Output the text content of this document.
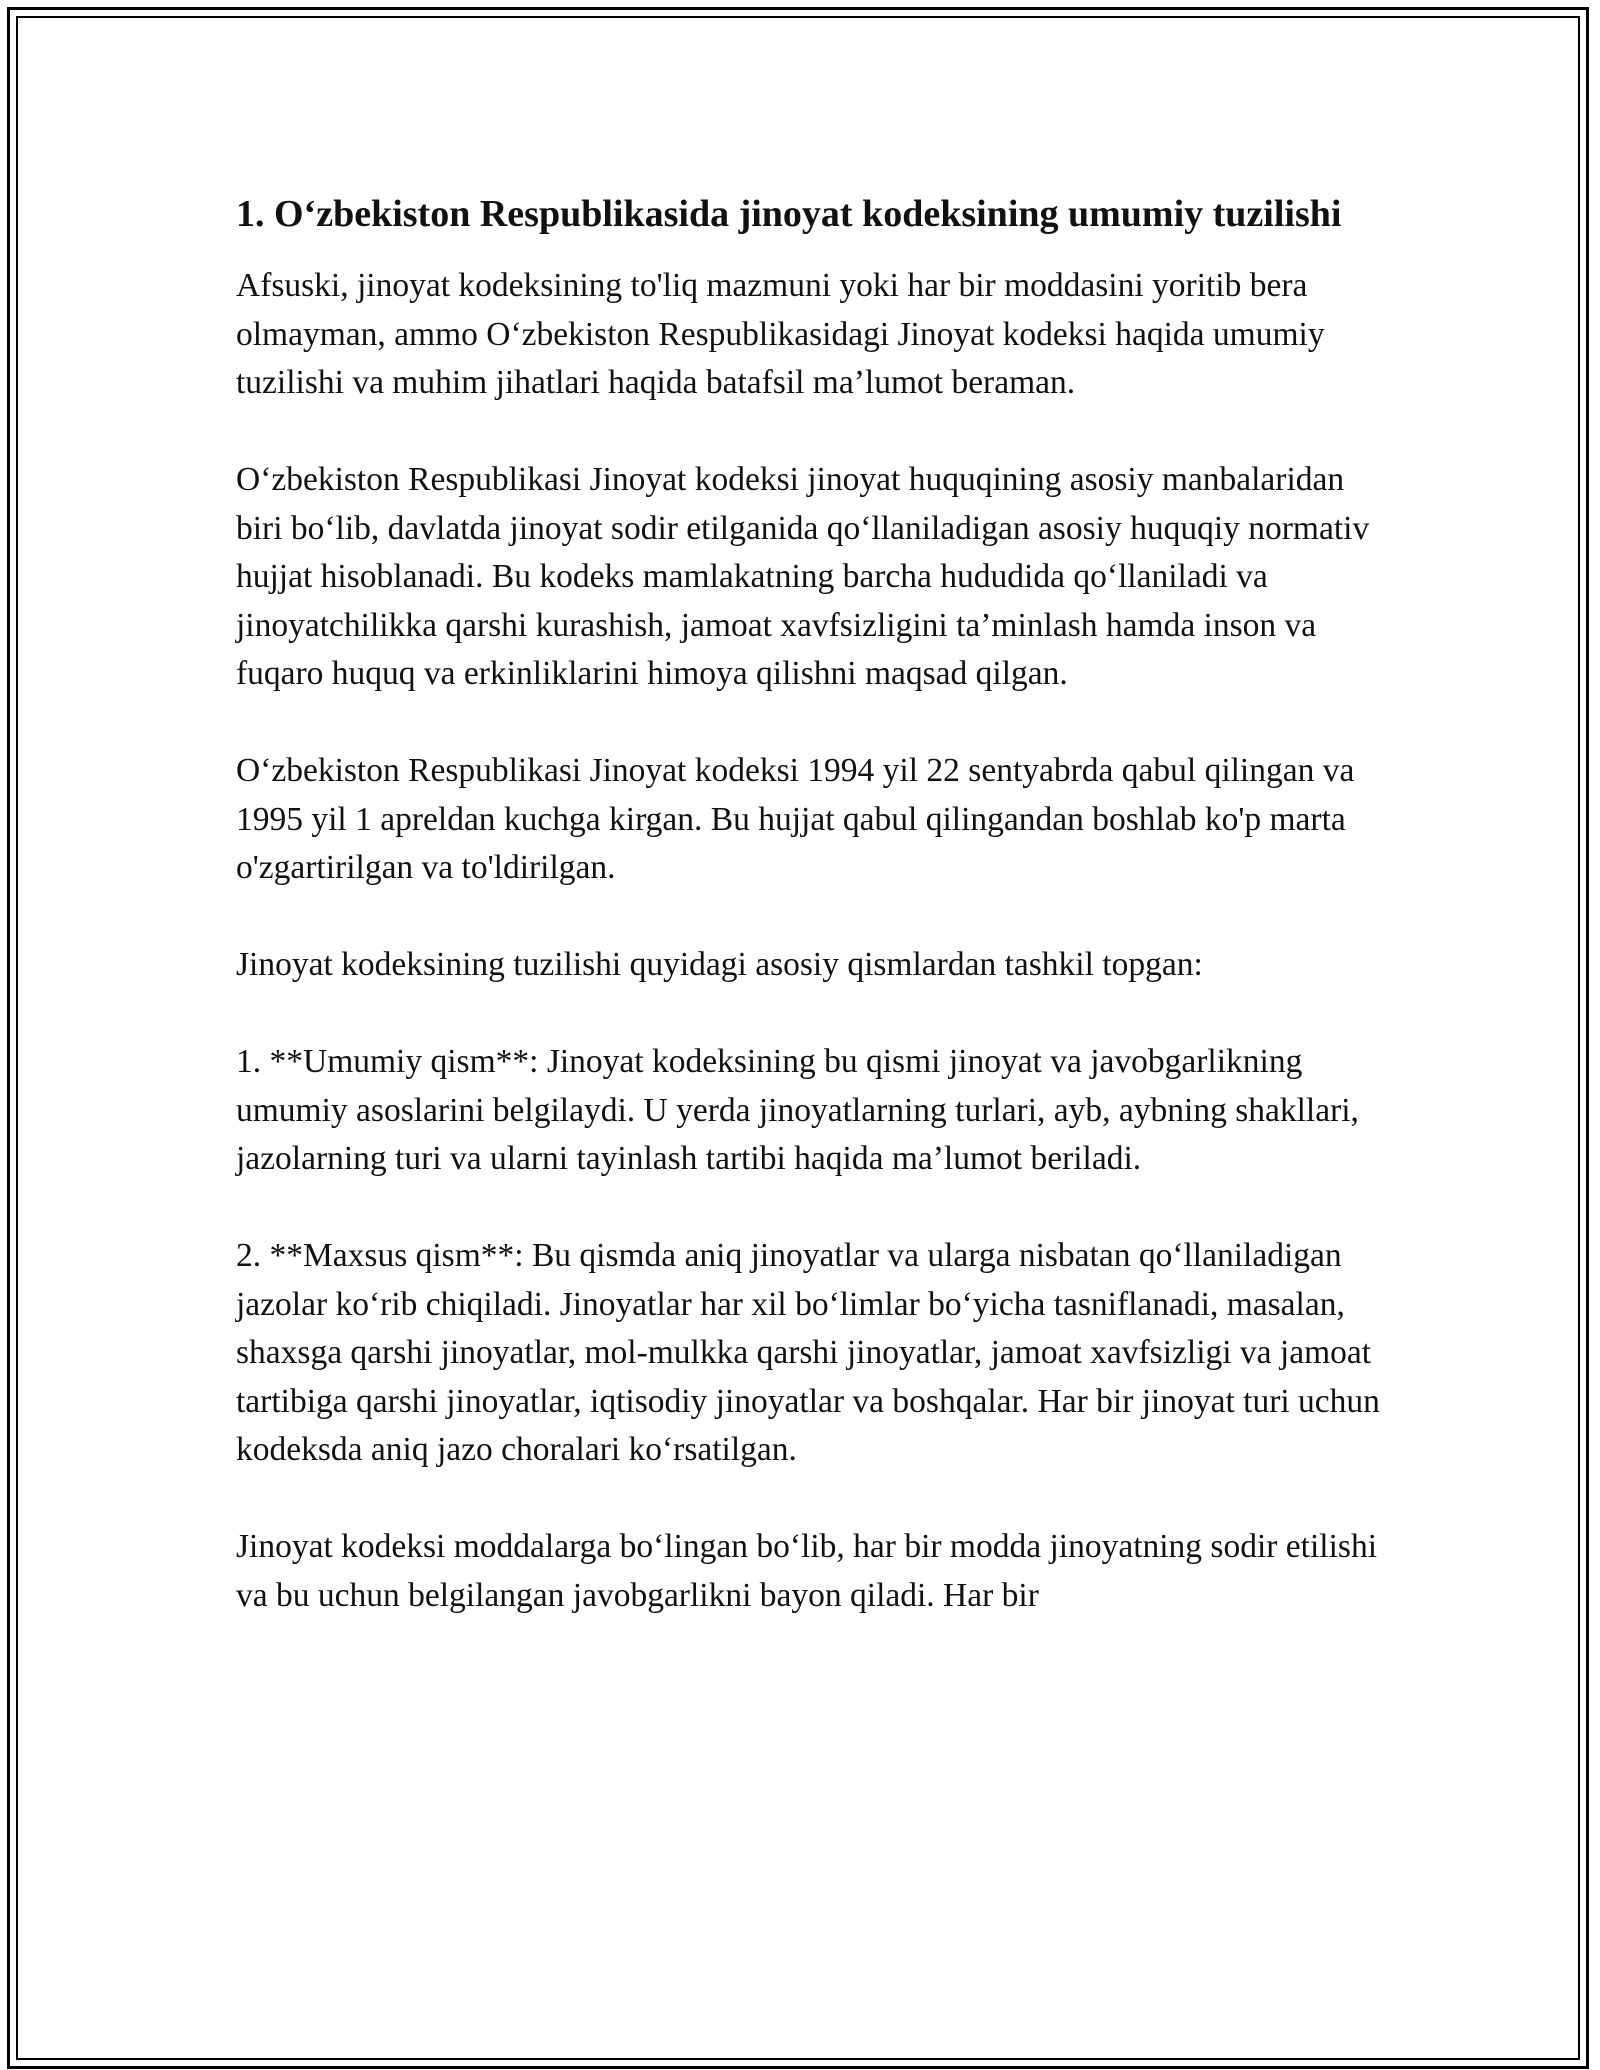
1. O‘zbekiston Respublikasida jinoyat kodeksining umumiy tuzilishi

Afsuski, jinoyat kodeksining to'liq mazmuni yoki har bir moddasini yoritib bera olmayman, ammo O‘zbekiston Respublikasidagi Jinoyat kodeksi haqida umumiy tuzilishi va muhim jihatlari haqida batafsil ma’lumot beraman.

O‘zbekiston Respublikasi Jinoyat kodeksi jinoyat huquqining asosiy manbalaridan biri bo‘lib, davlatda jinoyat sodir etilganida qo‘llaniladigan asosiy huquqiy normativ hujjat hisoblanadi. Bu kodeks mamlakatning barcha hududida qo‘llaniladi va jinoyatchilikka qarshi kurashish, jamoat xavfsizligini ta’minlash hamda inson va fuqaro huquq va erkinliklarini himoya qilishni maqsad qilgan.

O‘zbekiston Respublikasi Jinoyat kodeksi 1994 yil 22 sentyabrda qabul qilingan va 1995 yil 1 apreldan kuchga kirgan. Bu hujjat qabul qilingandan boshlab ko'p marta o'zgartirilgan va to'ldirilgan.

Jinoyat kodeksining tuzilishi quyidagi asosiy qismlardan tashkil topgan:

1. **Umumiy qism**: Jinoyat kodeksining bu qismi jinoyat va javobgarlikning umumiy asoslarini belgilaydi. U yerda jinoyatlarning turlari, ayb, aybning shakllari, jazolarning turi va ularni tayinlash tartibi haqida ma’lumot beriladi.

2. **Maxsus qism**: Bu qismda aniq jinoyatlar va ularga nisbatan qo‘llaniladigan jazolar ko‘rib chiqiladi. Jinoyatlar har xil bo‘limlar bo‘yicha tasniflanadi, masalan, shaxsga qarshi jinoyatlar, mol-mulkka qarshi jinoyatlar, jamoat xavfsizligi va jamoat tartibiga qarshi jinoyatlar, iqtisodiy jinoyatlar va boshqalar. Har bir jinoyat turi uchun kodeksda aniq jazo choralari ko‘rsatilgan.

Jinoyat kodeksi moddalarga bo‘lingan bo‘lib, har bir modda jinoyatning sodir etilishi va bu uchun belgilangan javobgarlikni bayon qiladi. Har bir
